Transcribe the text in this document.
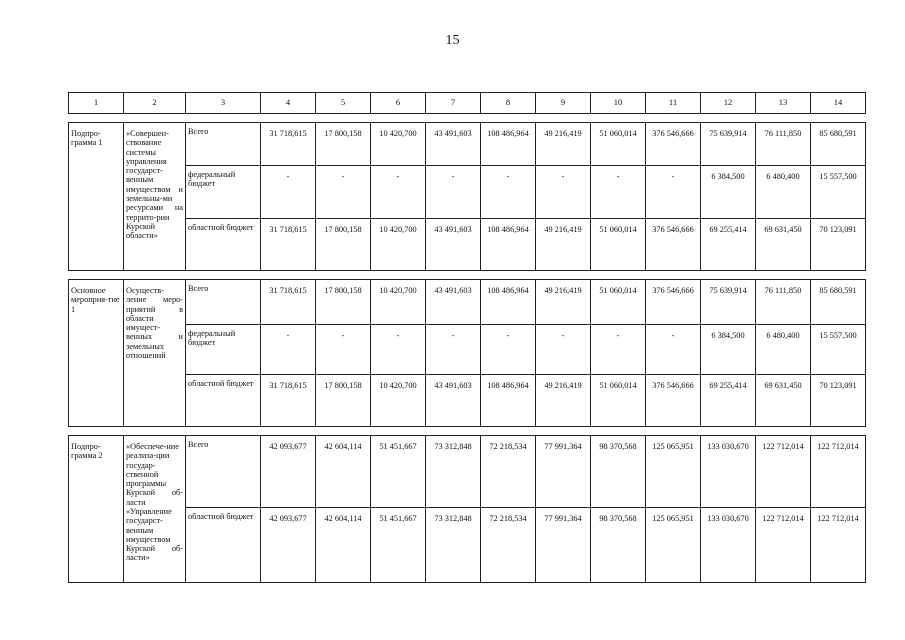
15
1	2	3	4	5	6	7	8	9	10	11	12	13	14

Подпро-грамма 1	«Совершен-ствование системы управления государст-венным имуществом и земельны-ми ресурсами на террито-рии Курской области»	Всего	31 718,615	17 800,158	10 420,700	43 491,603	108 486,964	49 216,419	51 060,014	376 546,666	75 639,914	76 111,850	85 680,591
		федеральный бюджет	-	-	-	-	-	-	-	-	6 384,500	6 480,400	15 557,500
		областной бюджет	31 718,615	17 800,158	10 420,700	43 491,603	108 486,964	49 216,419	51 060,014	376 546,666	69 255,414	69 631,450	70 123,091

Основное мероприя-тие 1	Осуществ-ление меро-приятий в области имущест-венных и земельных отношений	Всего	31 718,615	17 800,158	10 420,700	43 491,603	108 486,964	49 216,419	51 060,014	376 546,666	75 639,914	76 111,850	85 680,591
		федеральный бюджет	-	-	-	-	-	-	-	-	6 384,500	6 480,400	15 557,500
		областной бюджет	31 718,615	17 800,158	10 420,700	43 491,603	108 486,964	49 216,419	51 060,014	376 546,666	69 255,414	69 631,450	70 123,091

Подпро-грамма 2	«Обеспече-ние реализа-ции государ-ственной программы Курской об-ласти «Управление государст-венным имуществом Курской об-ласти»	Всего	42 093,677	42 604,114	51 451,667	73 312,848	72 218,534	77 991,364	98 370,568	125 065,951	133 030,670	122 712,014	122 712,014
		областной бюджет	42 093,677	42 604,114	51 451,667	73 312,848	72 218,534	77 991,364	98 370,568	125 065,951	133 030,670	122 712,014	122 712,014
